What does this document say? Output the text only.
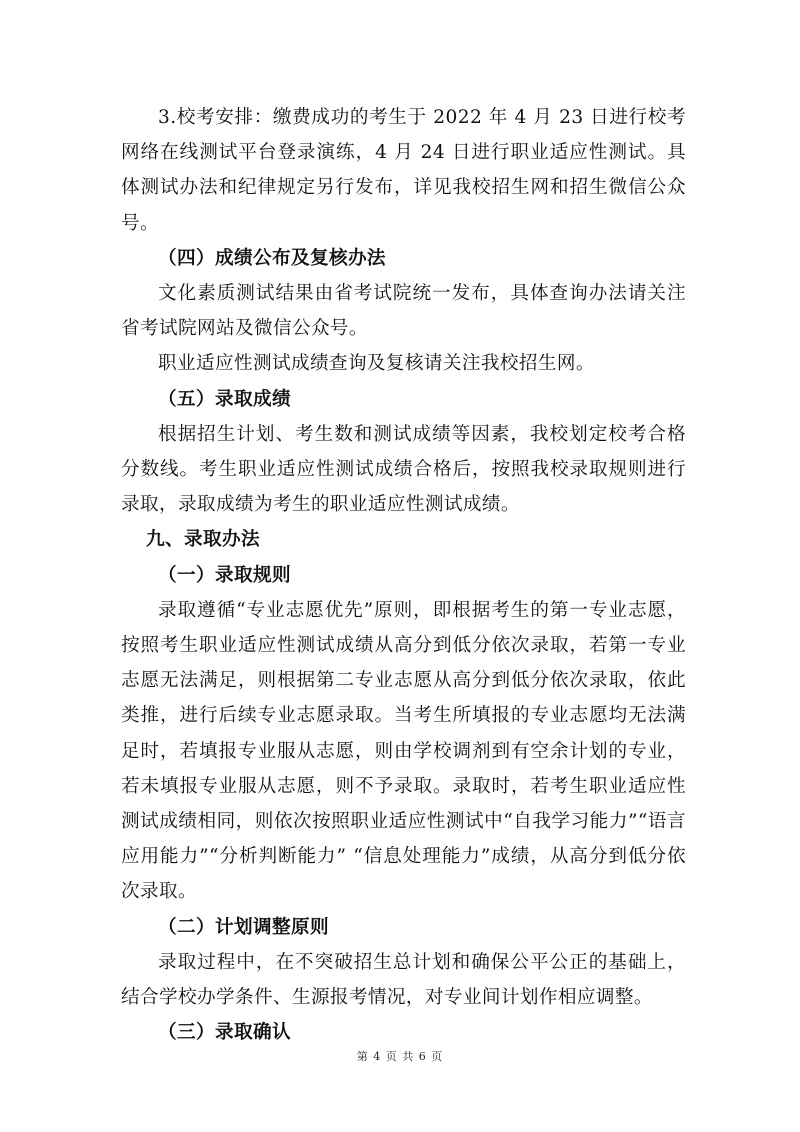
3.校考安排：缴费成功的考生于 2022 年 4 月 23 日进行校考网络在线测试平台登录演练，4 月 24 日进行职业适应性测试。具体测试办法和纪律规定另行发布，详见我校招生网和招生微信公众号。

（四）成绩公布及复核办法

文化素质测试结果由省考试院统一发布，具体查询办法请关注省考试院网站及微信公众号。

职业适应性测试成绩查询及复核请关注我校招生网。

（五）录取成绩

根据招生计划、考生数和测试成绩等因素，我校划定校考合格分数线。考生职业适应性测试成绩合格后，按照我校录取规则进行录取，录取成绩为考生的职业适应性测试成绩。

九、录取办法

（一）录取规则

录取遵循“专业志愿优先”原则，即根据考生的第一专业志愿，按照考生职业适应性测试成绩从高分到低分依次录取，若第一专业志愿无法满足，则根据第二专业志愿从高分到低分依次录取，依此类推，进行后续专业志愿录取。当考生所填报的专业志愿均无法满足时，若填报专业服从志愿，则由学校调剂到有空余计划的专业，若未填报专业服从志愿，则不予录取。录取时，若考生职业适应性测试成绩相同，则依次按照职业适应性测试中“自我学习能力”“语言应用能力”“分析判断能力” “信息处理能力”成绩，从高分到低分依次录取。

（二）计划调整原则

录取过程中，在不突破招生总计划和确保公平公正的基础上，结合学校办学条件、生源报考情况，对专业间计划作相应调整。

（三）录取确认

第 4 页 共 6 页
